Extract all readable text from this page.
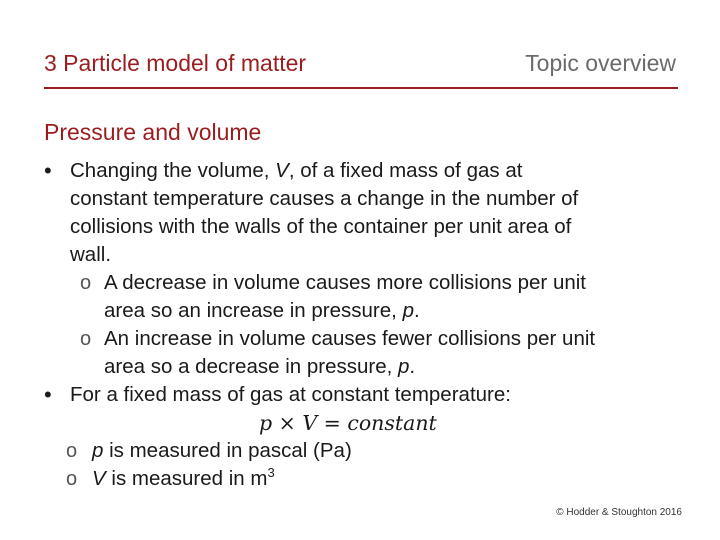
3 Particle model of matter	Topic overview
Pressure and volume
• Changing the volume, V, of a fixed mass of gas at
constant temperature causes a change in the number of
collisions with the walls of the container per unit area of
wall.
o A decrease in volume causes more collisions per unit
area so an increase in pressure, p.
o An increase in volume causes fewer collisions per unit
area so a decrease in pressure, p.
• For a fixed mass of gas at constant temperature:
p × V = constant
o p is measured in pascal (Pa)
o V is measured in $m^3$
© Hodder & Stoughton 2016
